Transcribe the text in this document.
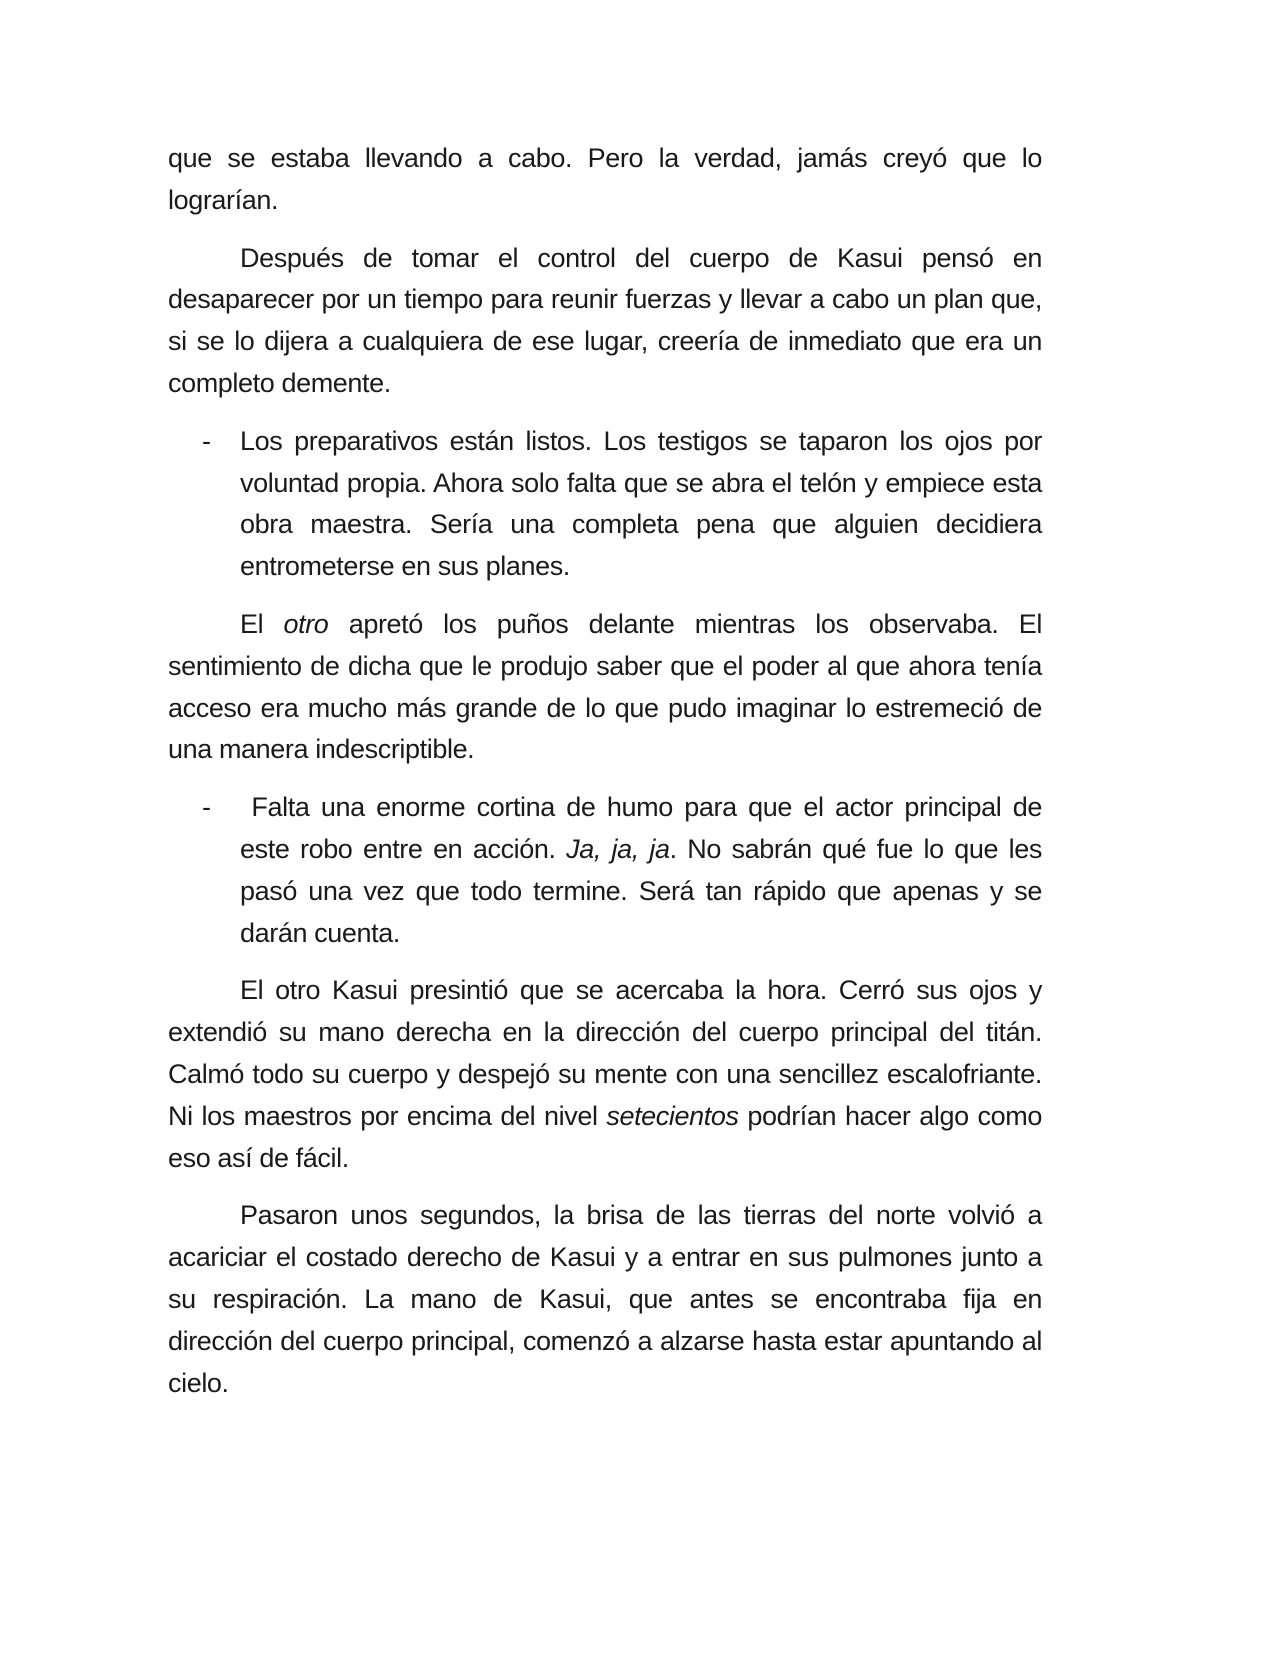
que se estaba llevando a cabo. Pero la verdad, jamás creyó que lo lograrían.

Después de tomar el control del cuerpo de Kasui pensó en desaparecer por un tiempo para reunir fuerzas y llevar a cabo un plan que, si se lo dijera a cualquiera de ese lugar, creería de inmediato que era un completo demente.

- Los preparativos están listos. Los testigos se taparon los ojos por voluntad propia. Ahora solo falta que se abra el telón y empiece esta obra maestra. Sería una completa pena que alguien decidiera entrometerse en sus planes.

El otro apretó los puños delante mientras los observaba. El sentimiento de dicha que le produjo saber que el poder al que ahora tenía acceso era mucho más grande de lo que pudo imaginar lo estremeció de una manera indescriptible.

- Falta una enorme cortina de humo para que el actor principal de este robo entre en acción. Ja, ja, ja. No sabrán qué fue lo que les pasó una vez que todo termine. Será tan rápido que apenas y se darán cuenta.

El otro Kasui presintió que se acercaba la hora. Cerró sus ojos y extendió su mano derecha en la dirección del cuerpo principal del titán. Calmó todo su cuerpo y despejó su mente con una sencillez escalofriante. Ni los maestros por encima del nivel setecientos podrían hacer algo como eso así de fácil.

Pasaron unos segundos, la brisa de las tierras del norte volvió a acariciar el costado derecho de Kasui y a entrar en sus pulmones junto a su respiración. La mano de Kasui, que antes se encontraba fija en dirección del cuerpo principal, comenzó a alzarse hasta estar apuntando al cielo.
